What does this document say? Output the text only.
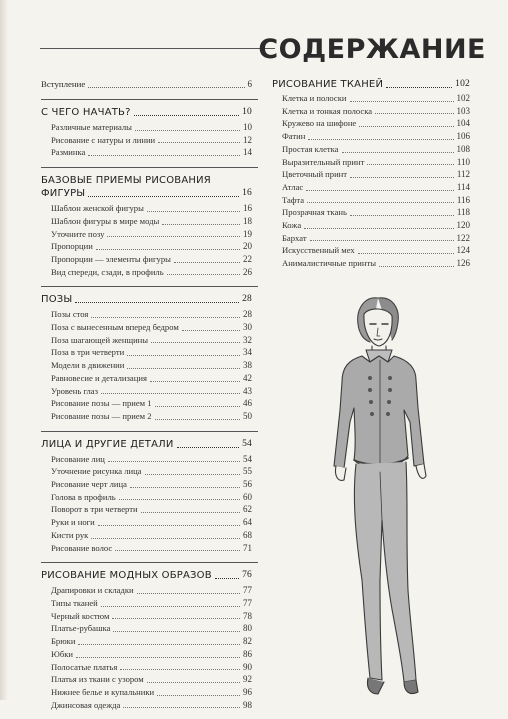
СОДЕРЖАНИЕ
Вступление	6
С ЧЕГО НАЧАТЬ?	10
Различные материалы	10
Рисование с натуры и линии	12
Разминка	14
БАЗОВЫЕ ПРИЕМЫ РИСОВАНИЯ
ФИГУРЫ	16
Шаблон женской фигуры	16
Шаблон фигуры в мире моды	18
Уточните позу	19
Пропорции	20
Пропорции — элементы фигуры	22
Вид спереди, сзади, в профиль	26
ПОЗЫ	28
Позы стоя	28
Поза с вынесенным вперед бедром	30
Поза шагающей женщины	32
Поза в три четверти	34
Модели в движении	38
Равновесие и детализация	42
Уровень глаз	43
Рисование позы — прием 1	46
Рисование позы — прием 2	50
ЛИЦА И ДРУГИЕ ДЕТАЛИ	54
Рисование лиц	54
Уточнение рисунка лица	55
Рисование черт лица	56
Голова в профиль	60
Поворот в три четверти	62
Руки и ноги	64
Кисти рук	68
Рисование волос	71
РИСОВАНИЕ МОДНЫХ ОБРАЗОВ	76
Драпировки и складки	77
Типы тканей	77
Черный костюм	78
Платье-рубашка	80
Брюки	82
Юбки	86
Полосатые платья	90
Платья из ткани с узором	92
Нижнее белье и купальники	96
Джинсовая одежда	98
РИСОВАНИЕ ТКАНЕЙ	102
Клетка и полоски	102
Клетка и тонкая полоска	103
Кружево на шифоне	104
Фатин	106
Простая клетка	108
Выразительный принт	110
Цветочный принт	112
Атлас	114
Тафта	116
Прозрачная ткань	118
Кожа	120
Бархат	122
Искусственный мех	124
Анималистичные принты	126
